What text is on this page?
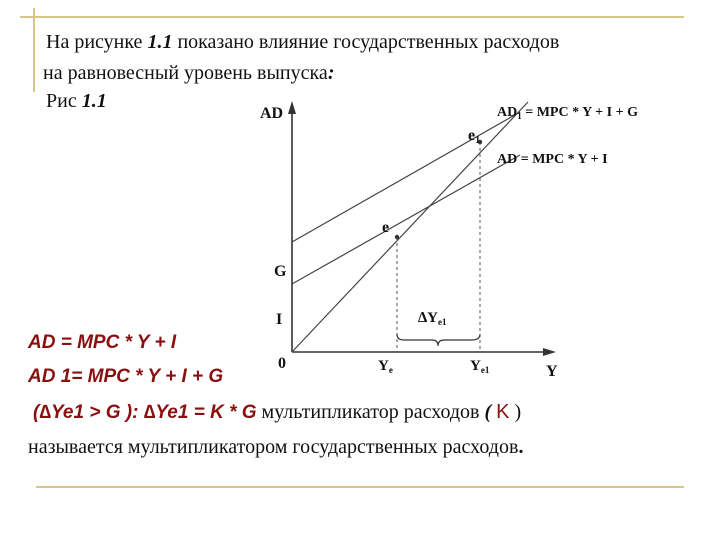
На рисунке 1.1 показано влияние государственных расходов
на равновесный уровень выпуска:
Рис 1.1
AD
Y
0
G
I
e
e1
$AD_1$ = MPC * Y + I + G
AD = MPC * Y + I
$Y_e$	$Y_{e1}$
$\Delta Y_{e1}$
AD = MPC * Y + I
AD 1= MPC * Y + I + G
(∆Ye1 > G ): ∆Ye1 = K * G мультипликатор расходов ( K )
называется мультипликатором государственных расходов.
